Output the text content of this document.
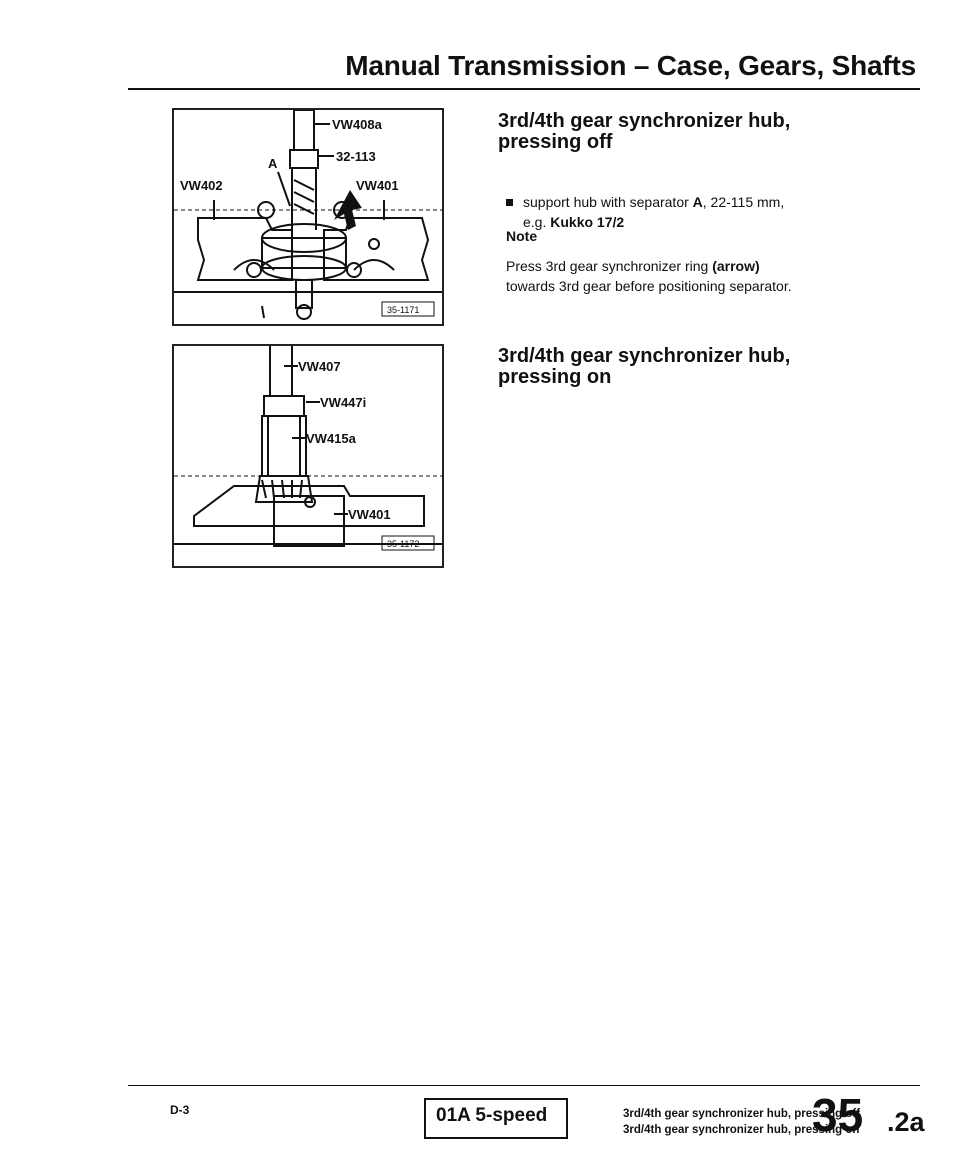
Manual Transmission – Case, Gears, Shafts
VW408a
32-113
A
VW402	VW401
35-1171
VW407
VW447i
VW415a
VW401
35-1172
3rd/4th gear synchronizer hub,
pressing off
support hub with separator A, 22-115 mm,
e.g. Kukko 17/2
Note
Press 3rd gear synchronizer ring (arrow)
towards 3rd gear before positioning separator.
3rd/4th gear synchronizer hub,
pressing on
D-3	01A 5-speed	3rd/4th gear synchronizer hub, pressing off
3rd/4th gear synchronizer hub, pressing on
35 .2a
